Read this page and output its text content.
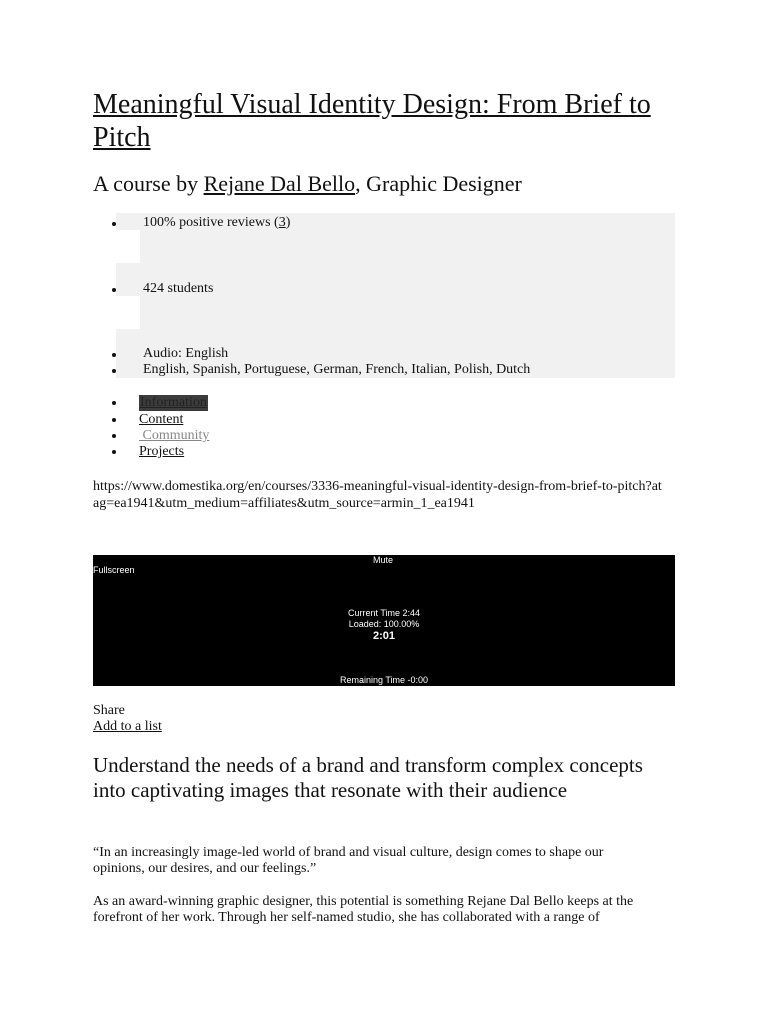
Meaningful Visual Identity Design: From Brief to Pitch
A course by Rejane Dal Bello, Graphic Designer
100% positive reviews (3)
424 students
Audio: English
English, Spanish, Portuguese, German, French, Italian, Polish, Dutch
Information
Content
Community
Projects

https://www.domestika.org/en/courses/3336-meaningful-visual-identity-design-from-brief-to-pitch?atag=ea1941&utm_medium=affiliates&utm_source=armin_1_ea1941

Mute
Fullscreen
Current Time 2:44
Loaded: 100.00%
2:01
Remaining Time -0:00

Share

Add to a list
Understand the needs of a brand and transform complex concepts into captivating images that resonate with their audience

“In an increasingly image-led world of brand and visual culture, design comes to shape our opinions, our desires, and our feelings.”

As an award-winning graphic designer, this potential is something Rejane Dal Bello keeps at the forefront of her work. Through her self-named studio, she has collaborated with a range of
